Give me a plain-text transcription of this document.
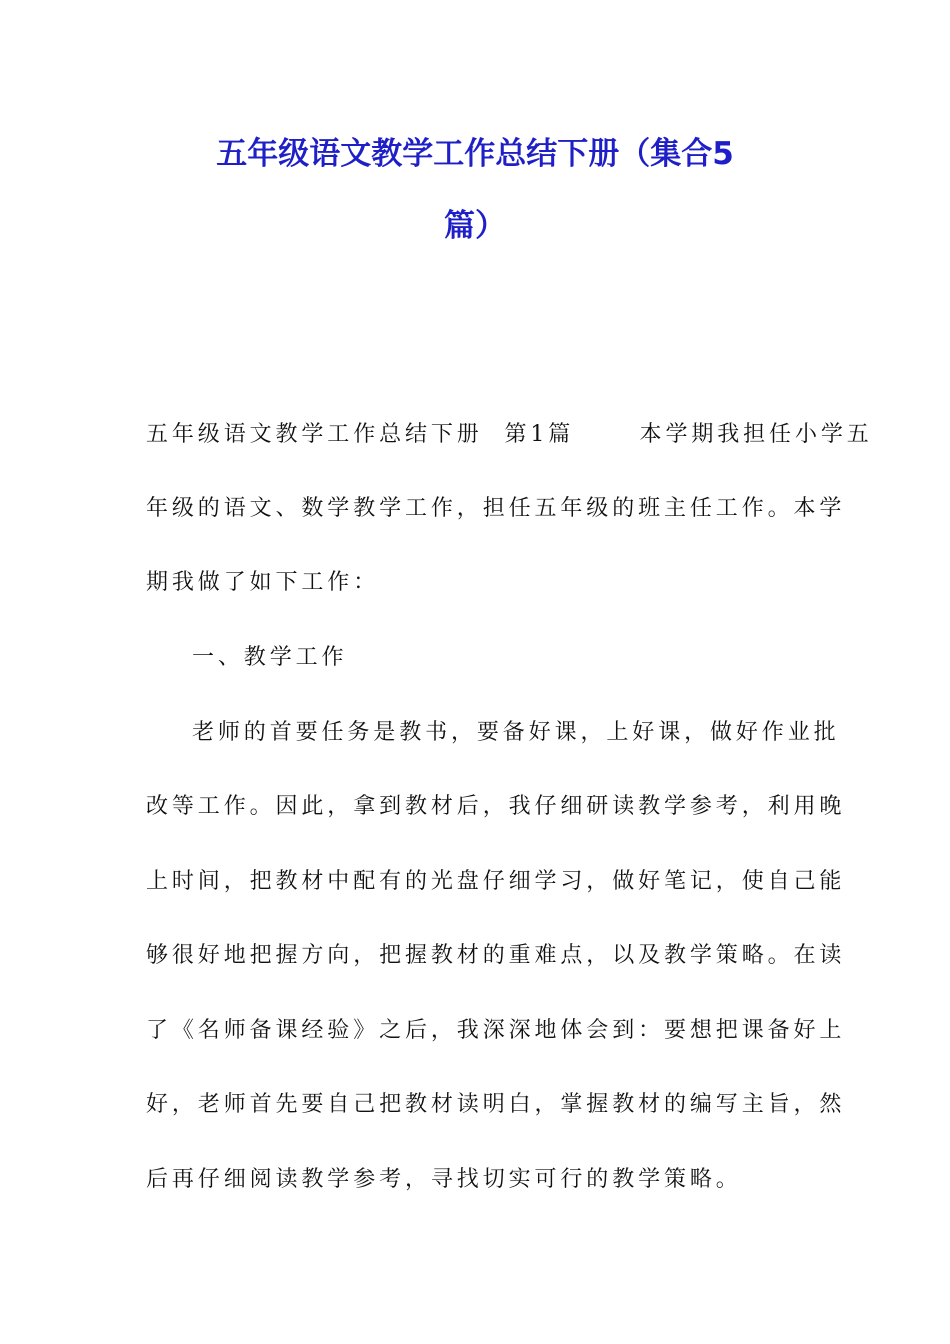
五年级语文教学工作总结下册（集合5
篇）

五年级语文教学工作总结下册  第1篇      本学期我担任小学五

年级的语文、数学教学工作，担任五年级的班主任工作。本学

期我做了如下工作：

一、教学工作

老师的首要任务是教书，要备好课，上好课，做好作业批

改等工作。因此，拿到教材后，我仔细研读教学参考，利用晚

上时间，把教材中配有的光盘仔细学习，做好笔记，使自己能

够很好地把握方向，把握教材的重难点，以及教学策略。在读

了《名师备课经验》之后，我深深地体会到：要想把课备好上

好，老师首先要自己把教材读明白，掌握教材的编写主旨，然

后再仔细阅读教学参考，寻找切实可行的教学策略。
